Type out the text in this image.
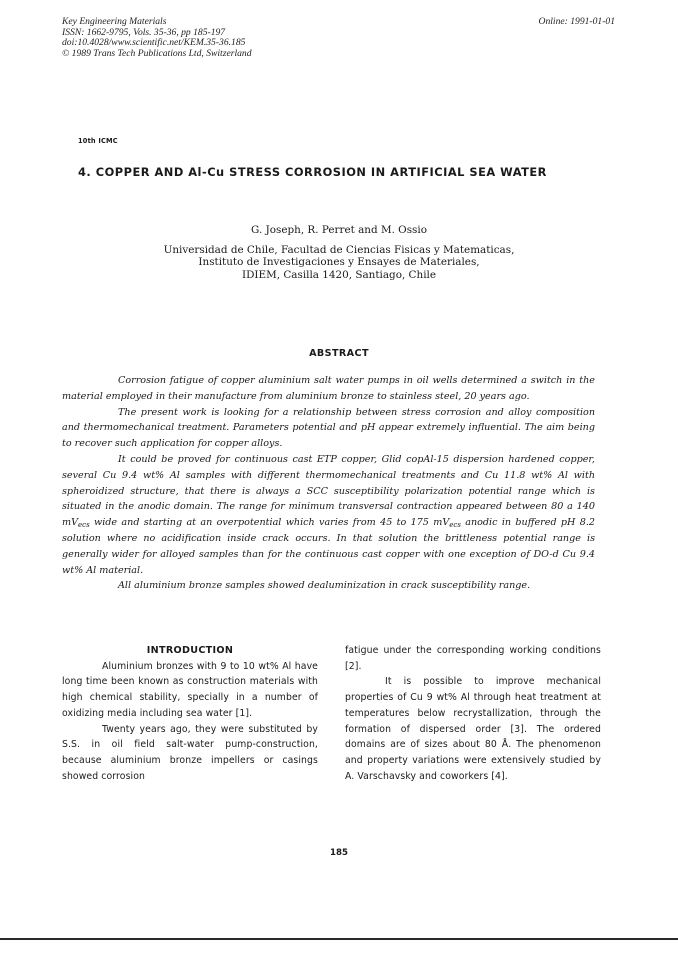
Key Engineering Materials
ISSN: 1662-9795, Vols. 35-36, pp 185-197
doi:10.4028/www.scientific.net/KEM.35-36.185
© 1989 Trans Tech Publications Ltd, Switzerland
Online: 1991-01-01
10th ICMC
4. COPPER AND Al-Cu STRESS CORROSION IN ARTIFICIAL SEA WATER
G. Joseph, R. Perret and M. Ossio
Universidad de Chile, Facultad de Ciencias Fisicas y Matematicas,
Instituto de Investigaciones y Ensayes de Materiales,
IDIEM, Casilla 1420, Santiago, Chile
ABSTRACT

Corrosion fatigue of copper aluminium salt water pumps in oil wells determined a switch in the material employed in their manufacture from aluminium bronze to stainless steel, 20 years ago.

The present work is looking for a relationship between stress corrosion and alloy composition and thermomechanical treatment. Parameters potential and pH appear extremely influential. The aim being to recover such application for copper alloys.

It could be proved for continuous cast ETP copper, Glid copAl-15 dispersion hardened copper, several Cu 9.4 wt% Al samples with different thermomechanical treatments and Cu 11.8 wt% Al with spheroidized structure, that there is always a SCC susceptibility polarization potential range which is situated in the anodic domain. The range for minimum transversal contraction appeared between 80 a 140 $mV_{ecs}$ wide and starting at an overpotential which varies from 45 to 175 $mV_{ecs}$ anodic in buffered pH 8.2 solution where no acidification inside crack occurs. In that solution the brittleness potential range is generally wider for alloyed samples than for the continuous cast copper with one exception of DO-d Cu 9.4 wt% Al material.

All aluminium bronze samples showed dealuminization in crack susceptibility range.

INTRODUCTION

Aluminium bronzes with 9 to 10 wt% Al have long time been known as construction materials with high chemical stability, specially in a number of oxidizing media including sea water [1].

Twenty years ago, they were substituted by S.S. in oil field salt-water pump-construction, because aluminium bronze impellers or casings showed corrosion

fatigue under the corresponding working conditions [2].

It is possible to improve mechanical properties of Cu 9 wt% Al through heat treatment at temperatures below recrystallization, through the formation of dispersed order [3]. The ordered domains are of sizes about 80 Å. The phenomenon and property variations were extensively studied by A. Varschavsky and coworkers [4].

185
